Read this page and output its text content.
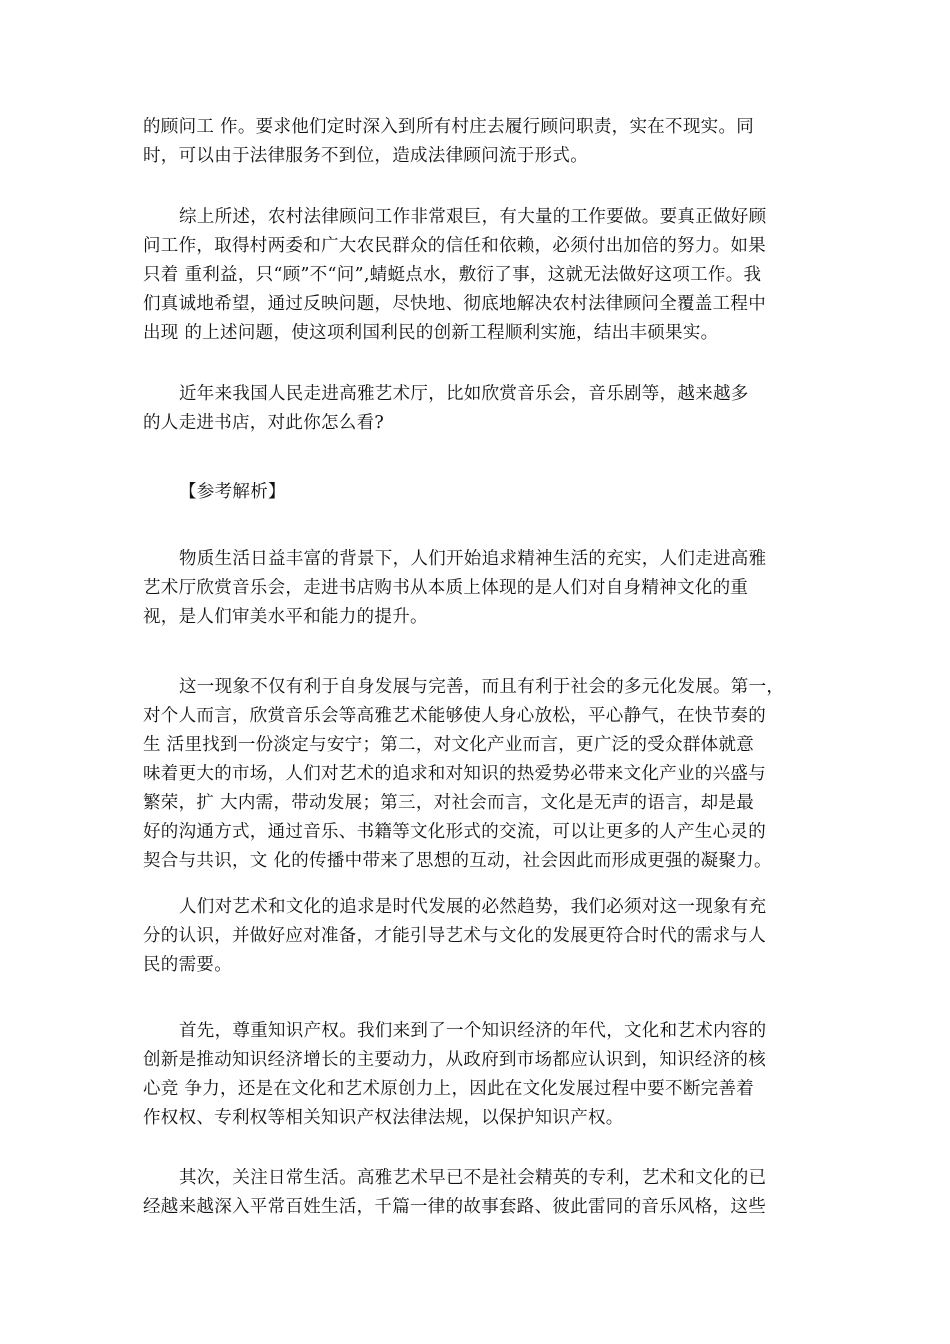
的顾问工 作。要求他们定时深入到所有村庄去履行顾问职责，实在不现实。同
时，可以由于法律服务不到位，造成法律顾问流于形式。
综上所述，农村法律顾问工作非常艰巨，有大量的工作要做。要真正做好顾
问工作，取得村两委和广大农民群众的信任和依赖，必须付出加倍的努力。如果
只着 重利益，只“顾”不“问”,蜻蜓点水，敷衍了事，这就无法做好这项工作。我
们真诚地希望，通过反映问题，尽快地、彻底地解决农村法律顾问全覆盖工程中
出现 的上述问题，使这项利国利民的创新工程顺利实施，结出丰硕果实。
近年来我国人民走进高雅艺术厅，比如欣赏音乐会，音乐剧等，越来越多
的人走进书店，对此你怎么看?
【参考解析】
物质生活日益丰富的背景下，人们开始追求精神生活的充实，人们走进高雅
艺术厅欣赏音乐会，走进书店购书从本质上体现的是人们对自身精神文化的重
视，是人们审美水平和能力的提升。
这一现象不仅有利于自身发展与完善，而且有利于社会的多元化发展。第一，
对个人而言，欣赏音乐会等高雅艺术能够使人身心放松，平心静气，在快节奏的
生 活里找到一份淡定与安宁；第二，对文化产业而言，更广泛的受众群体就意
味着更大的市场，人们对艺术的追求和对知识的热爱势必带来文化产业的兴盛与
繁荣，扩 大内需，带动发展；第三，对社会而言，文化是无声的语言，却是最
好的沟通方式，通过音乐、书籍等文化形式的交流，可以让更多的人产生心灵的
契合与共识，文 化的传播中带来了思想的互动，社会因此而形成更强的凝聚力。
人们对艺术和文化的追求是时代发展的必然趋势，我们必须对这一现象有充
分的认识，并做好应对准备，才能引导艺术与文化的发展更符合时代的需求与人
民的需要。
首先，尊重知识产权。我们来到了一个知识经济的年代，文化和艺术内容的
创新是推动知识经济增长的主要动力，从政府到市场都应认识到，知识经济的核
心竞 争力，还是在文化和艺术原创力上，因此在文化发展过程中要不断完善着
作权权、专利权等相关知识产权法律法规，以保护知识产权。
其次，关注日常生活。高雅艺术早已不是社会精英的专利，艺术和文化的已
经越来越深入平常百姓生活，千篇一律的故事套路、彼此雷同的音乐风格，这些
